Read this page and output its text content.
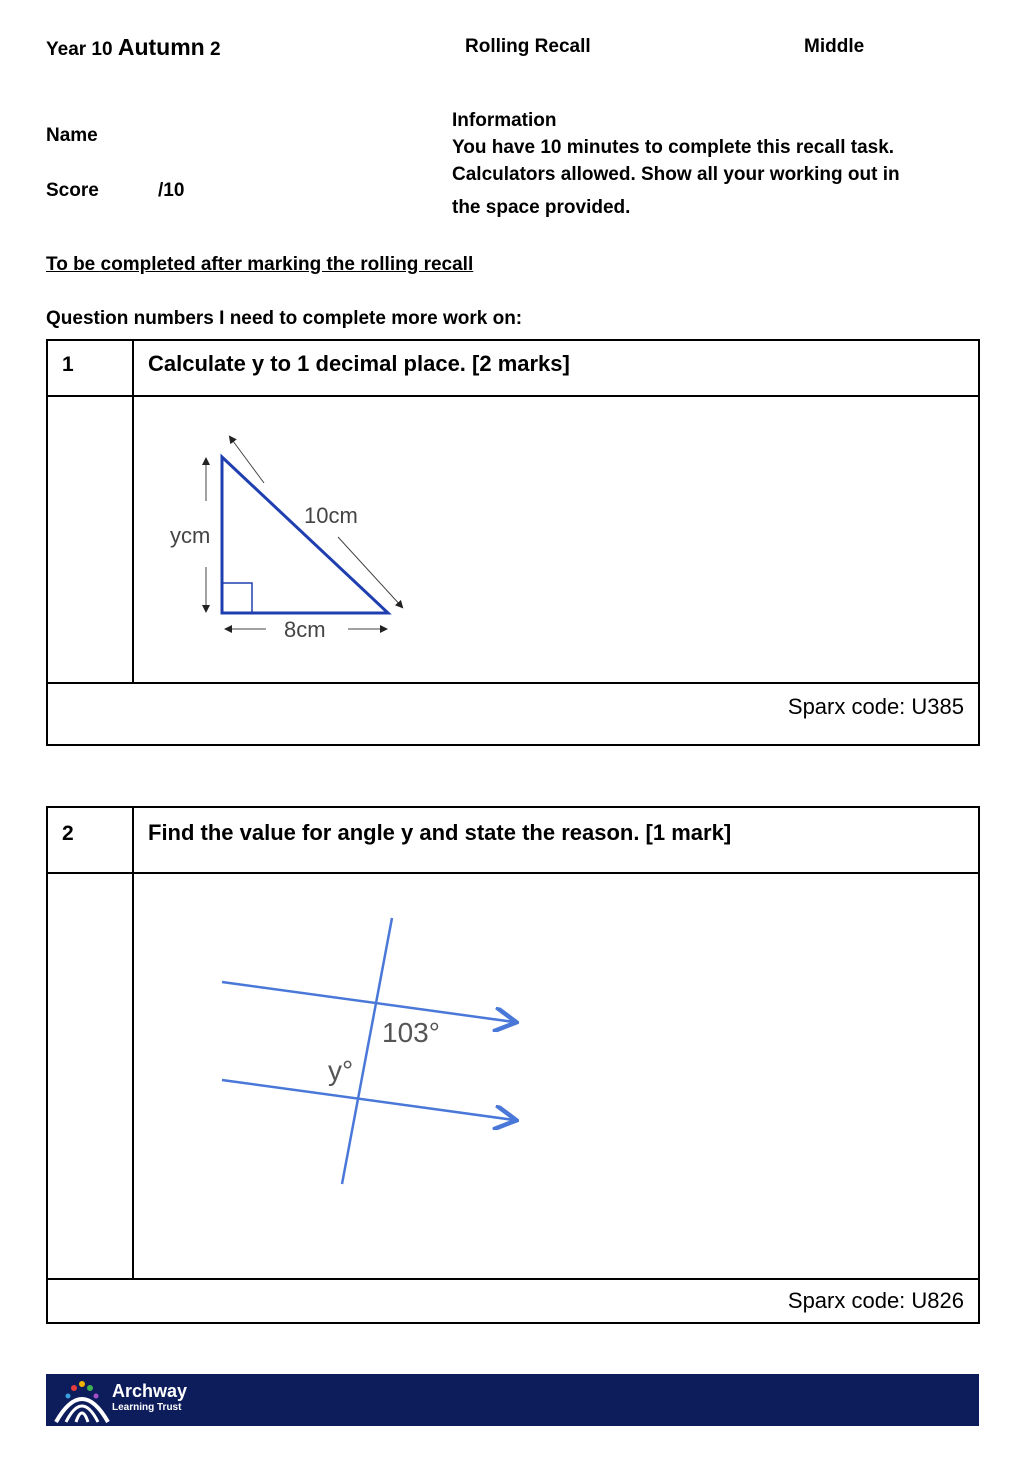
Year 10 Autumn 2	Rolling Recall	Middle
Name
Score	/10
Information
You have 10 minutes to complete this recall task.
Calculators allowed. Show all your working out in
the space provided.
To be completed after marking the rolling recall
Question numbers I need to complete more work on:
1	Calculate y to 1 decimal place. [2 marks]

10cm
ycm
8cm

Sparx code: U385	
2	Find the value for angle y and state the reason. [1 mark]

103°
y°

Sparx code: U826	
Archway
Learning Trust
